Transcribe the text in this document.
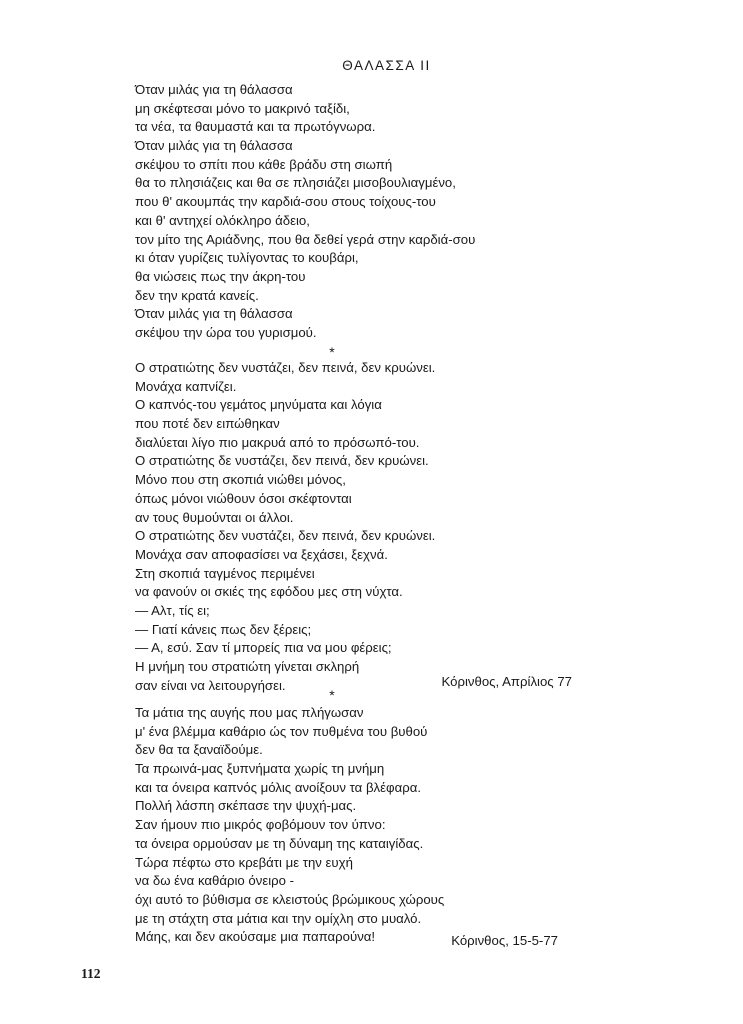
ΘΑΛΑΣΣΑ ΙΙ
Όταν μιλάς για τη θάλασσα
μη σκέφτεσαι μόνο το μακρινό ταξίδι,
τα νέα, τα θαυμαστά και τα πρωτόγνωρα.
Όταν μιλάς για τη θάλασσα
σκέψου το σπίτι που κάθε βράδυ στη σιωπή
θα το πλησιάζεις και θα σε πλησιάζει μισοβουλιαγμένο,
που θ' ακουμπάς την καρδιά-σου στους τοίχους-του
και θ' αντηχεί ολόκληρο άδειο,
τον μίτο της Αριάδνης, που θα δεθεί γερά στην καρδιά-σου
κι όταν γυρίζεις τυλίγοντας το κουβάρι,
θα νιώσεις πως την άκρη-του
δεν την κρατά κανείς.
Όταν μιλάς για τη θάλασσα
σκέψου την ώρα του γυρισμού.
*
Ο στρατιώτης δεν νυστάζει, δεν πεινά, δεν κρυώνει.
Μονάχα καπνίζει.
Ο καπνός-του γεμάτος μηνύματα και λόγια
που ποτέ δεν ειπώθηκαν
διαλύεται λίγο πιο μακρυά από το πρόσωπό-του.
Ο στρατιώτης δε νυστάζει, δεν πεινά, δεν κρυώνει.
Μόνο που στη σκοπιά νιώθει μόνος,
όπως μόνοι νιώθουν όσοι σκέφτονται
αν τους θυμούνται οι άλλοι.
Ο στρατιώτης δεν νυστάζει, δεν πεινά, δεν κρυώνει.
Μονάχα σαν αποφασίσει να ξεχάσει, ξεχνά.
Στη σκοπιά ταγμένος περιμένει
να φανούν οι σκιές της εφόδου μες στη νύχτα.
— Αλτ, τίς ει;
— Γιατί κάνεις πως δεν ξέρεις;
— Α, εσύ. Σαν τί μπορείς πια να μου φέρεις;
Η μνήμη του στρατιώτη γίνεται σκληρή
σαν είναι να λειτουργήσει.	Κόρινθος, Απρίλιος 77
*
Τα μάτια της αυγής που μας πλήγωσαν
μ' ένα βλέμμα καθάριο ώς τον πυθμένα του βυθού
δεν θα τα ξαναϊδούμε.
Τα πρωινά-μας ξυπνήματα χωρίς τη μνήμη
και τα όνειρα καπνός μόλις ανοίξουν τα βλέφαρα.
Πολλή λάσπη σκέπασε την ψυχή-μας.
Σαν ήμουν πιο μικρός φοβόμουν τον ύπνο:
τα όνειρα ορμούσαν με τη δύναμη της καταιγίδας.
Τώρα πέφτω στο κρεβάτι με την ευχή
να δω ένα καθάριο όνειρο -
όχι αυτό το βύθισμα σε κλειστούς βρώμικους χώρους
με τη στάχτη στα μάτια και την ομίχλη στο μυαλό.
Μάης, και δεν ακούσαμε μια παπαρούνα!	Κόρινθος, 15-5-77
112
